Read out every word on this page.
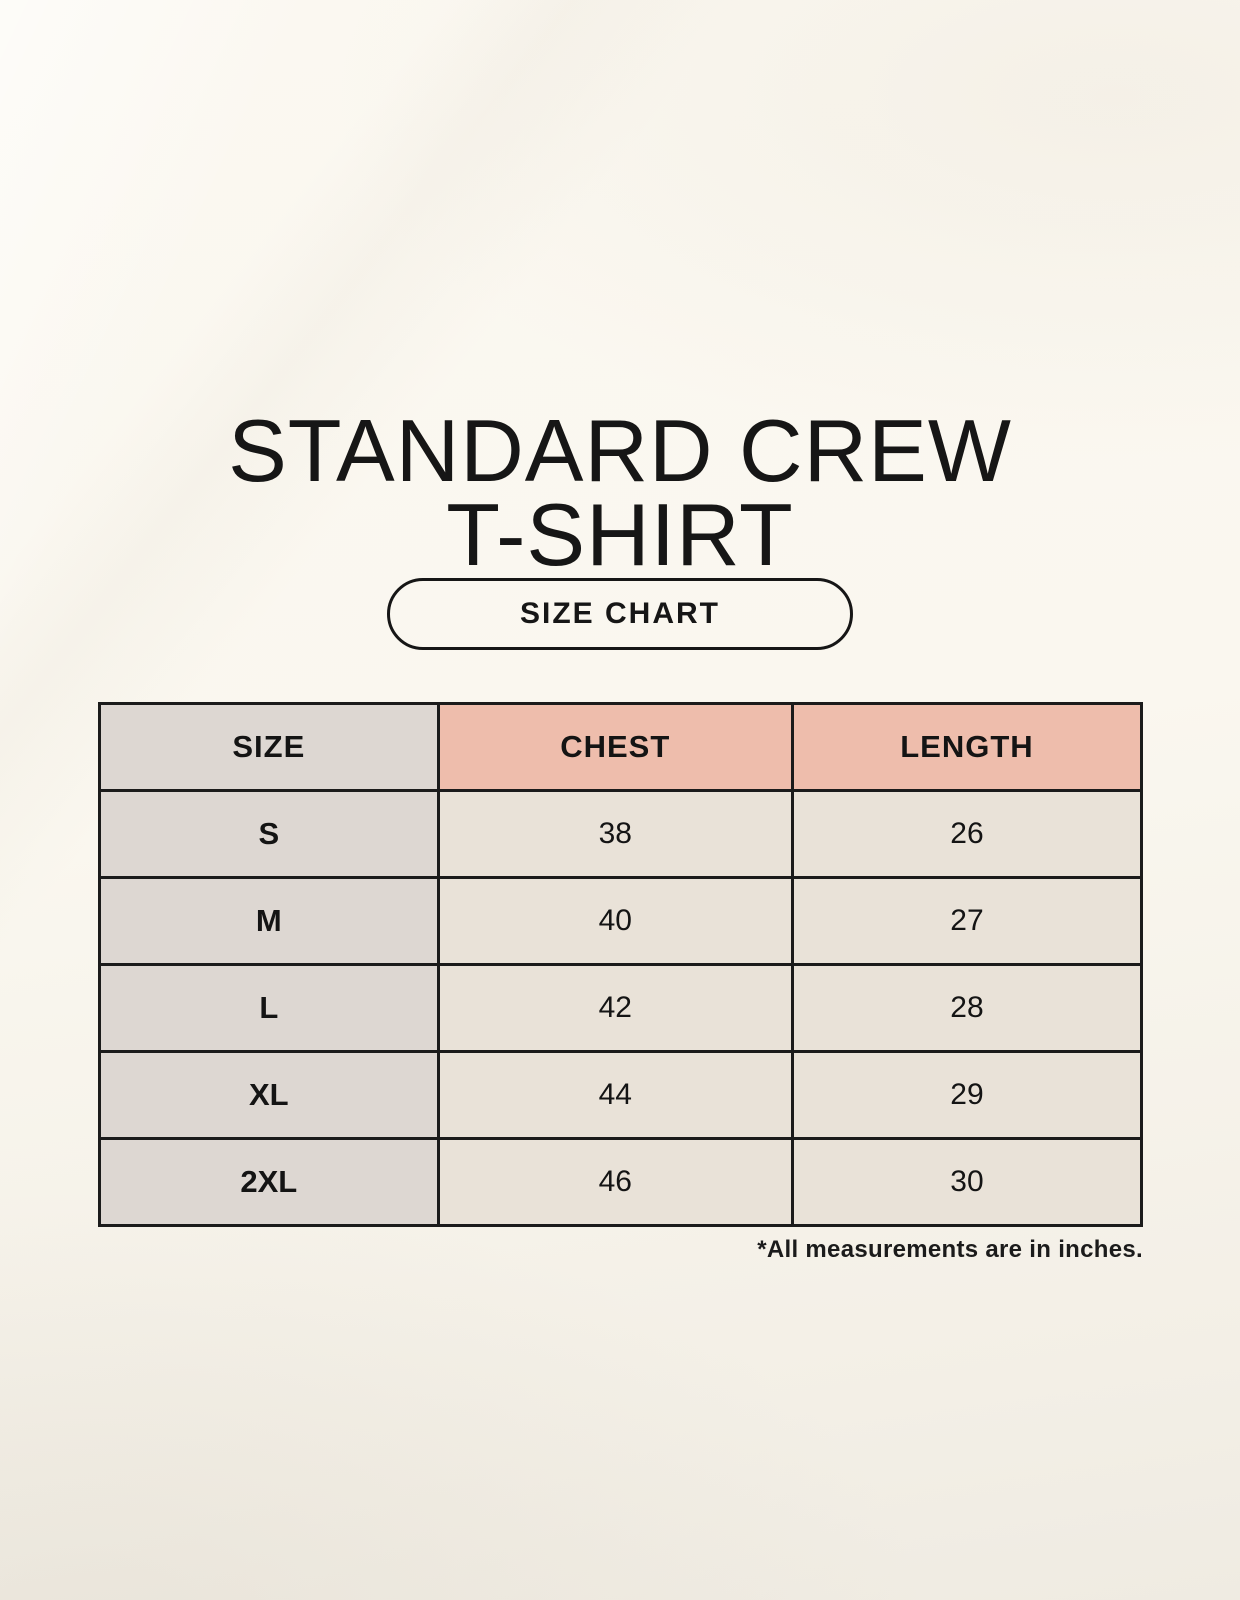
STANDARD CREW
T-SHIRT
SIZE CHART
SIZE	CHEST	LENGTH
S	38	26
M	40	27
L	42	28
XL	44	29
2XL	46	30
*All measurements are in inches.
